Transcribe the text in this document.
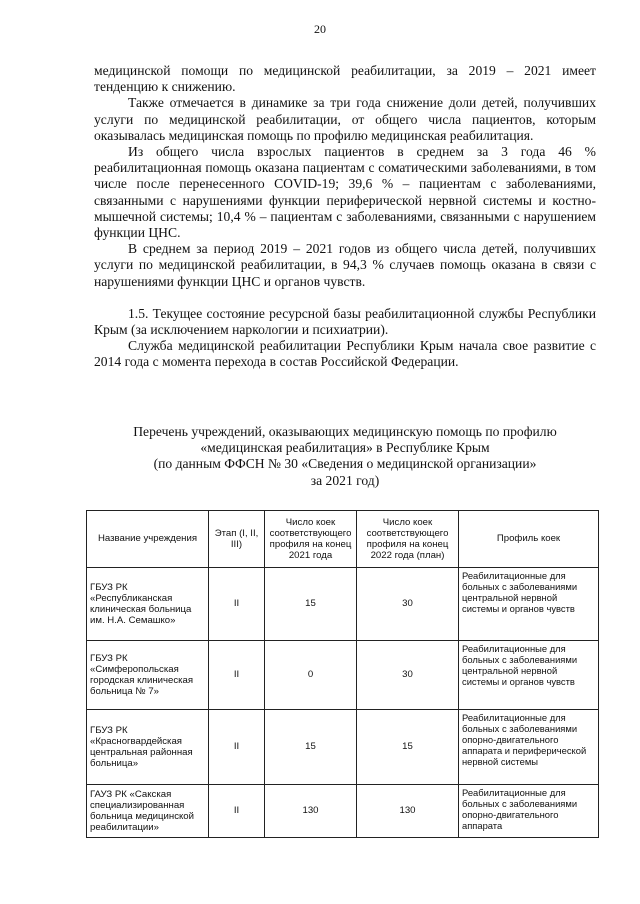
20

медицинской помощи по медицинской реабилитации, за 2019 – 2021 имеет тенденцию к снижению.

Также отмечается в динамике за три года снижение доли детей, получивших услуги по медицинской реабилитации, от общего числа пациентов, которым оказывалась медицинская помощь по профилю медицинская реабилитация.

Из общего числа взрослых пациентов в среднем за 3 года 46 % реабилитационная помощь оказана пациентам с соматическими заболеваниями, в том числе после перенесенного COVID-19; 39,6 % – пациентам с заболеваниями, связанными с нарушениями функции периферической нервной системы и костно-мышечной системы; 10,4 % – пациентам с заболеваниями, связанными с нарушением функции ЦНС.

В среднем за период 2019 – 2021 годов из общего числа детей, получивших услуги по медицинской реабилитации, в 94,3 % случаев помощь оказана в связи с нарушениями функции ЦНС и органов чувств.

1.5. Текущее состояние ресурсной базы реабилитационной службы Республики Крым (за исключением наркологии и психиатрии).

Служба медицинской реабилитации Республики Крым начала свое развитие с 2014 года с момента перехода в состав Российской Федерации.

Перечень учреждений, оказывающих медицинскую помощь по профилю
«медицинская реабилитация» в Республике Крым
(по данным ФФСН № 30 «Сведения о медицинской организации»
за 2021 год)
Название учреждения	Этап (I, II, III)	Число коек соответствующего профиля на конец 2021 года	Число коек соответствующего профиля на конец 2022 года (план)	Профиль коек
ГБУЗ РК «Республиканская клиническая больница им. Н.А. Семашко»	II	15	30	Реабилитационные для больных с заболеваниями центральной нервной системы и органов чувств
ГБУЗ РК «Симферопольская городская клиническая больница № 7»	II	0	30	Реабилитационные для больных с заболеваниями центральной нервной системы и органов чувств
ГБУЗ РК «Красногвардейская центральная районная больница»	II	15	15	Реабилитационные для больных с заболеваниями опорно-двигательного аппарата и периферической нервной системы
ГАУЗ РК «Сакская специализированная больница медицинской реабилитации»	II	130	130	Реабилитационные для больных с заболеваниями опорно-двигательного аппарата
